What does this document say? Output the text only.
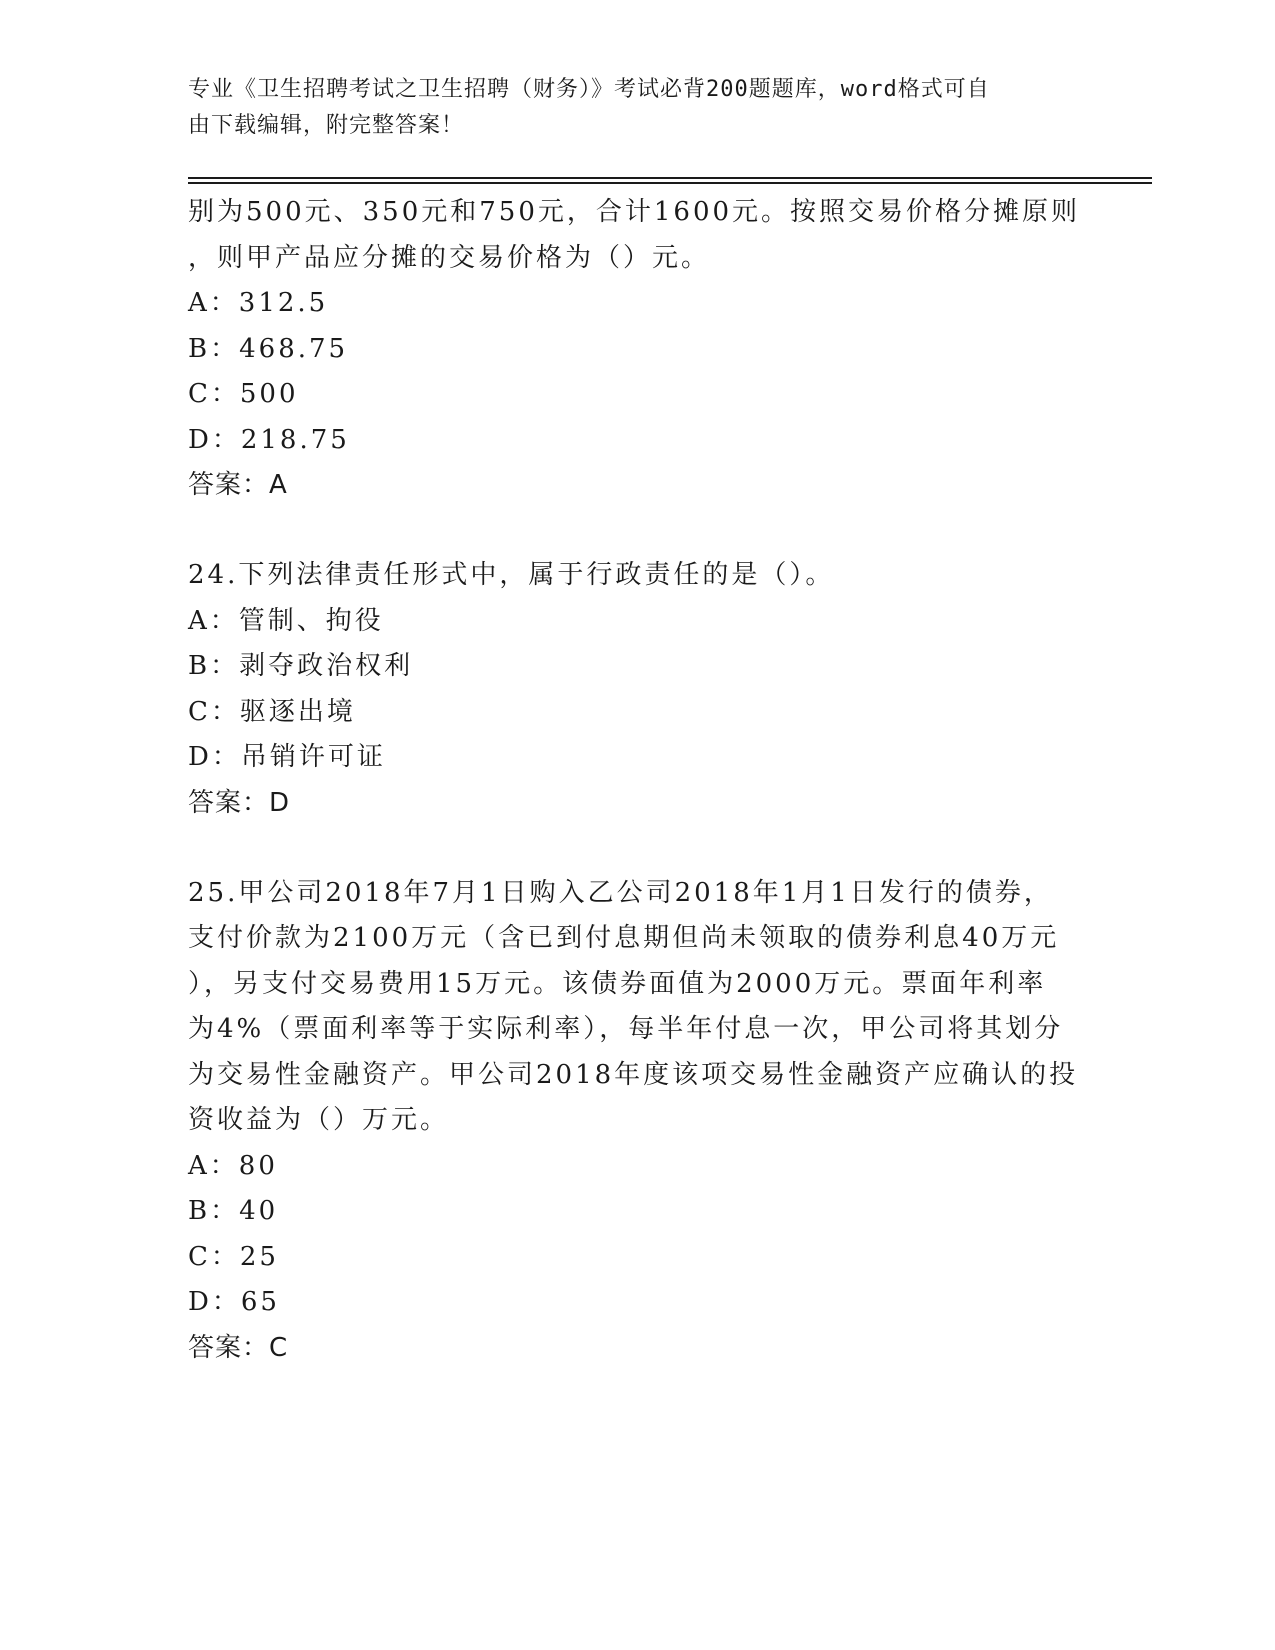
专业《卫生招聘考试之卫生招聘（财务）》考试必背200题题库，word格式可自
由下载编辑，附完整答案！
别为500元、350元和750元，合计1600元。按照交易价格分摊原则
，则甲产品应分摊的交易价格为（）元。
A：312.5
B：468.75
C：500
D：218.75
答案：A
24.下列法律责任形式中，属于行政责任的是（）。
A：管制、拘役
B：剥夺政治权利
C：驱逐出境
D：吊销许可证
答案：D
25.甲公司2018年7月1日购入乙公司2018年1月1日发行的债券，
支付价款为2100万元（含已到付息期但尚未领取的债券利息40万元
），另支付交易费用15万元。该债券面值为2000万元。票面年利率
为4%（票面利率等于实际利率），每半年付息一次，甲公司将其划分
为交易性金融资产。甲公司2018年度该项交易性金融资产应确认的投
资收益为（）万元。
A：80
B：40
C：25
D：65
答案：C
